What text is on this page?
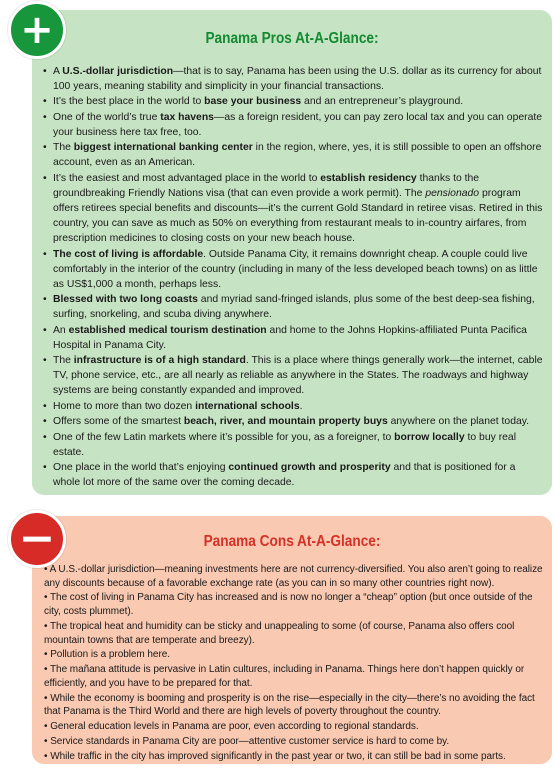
Panama Pros At-A-Glance:
• A U.S.-dollar jurisdiction—that is to say, Panama has been using the U.S. dollar as its currency for about 100 years, meaning stability and simplicity in your financial transactions.
• It’s the best place in the world to base your business and an entrepreneur’s playground.
• One of the world’s true tax havens—as a foreign resident, you can pay zero local tax and you can operate your business here tax free, too.
• The biggest international banking center in the region, where, yes, it is still possible to open an offshore account, even as an American.
• It’s the easiest and most advantaged place in the world to establish residency thanks to the groundbreaking Friendly Nations visa (that can even provide a work permit). The pensionado program offers retirees special benefits and discounts—it’s the current Gold Standard in retiree visas. Retired in this country, you can save as much as 50% on everything from restaurant meals to in-country airfares, from prescription medicines to closing costs on your new beach house.
• The cost of living is affordable. Outside Panama City, it remains downright cheap. A couple could live comfortably in the interior of the country (including in many of the less developed beach towns) on as little as US$1,000 a month, perhaps less.
• Blessed with two long coasts and myriad sand-fringed islands, plus some of the best deep-sea fishing, surfing, snorkeling, and scuba diving anywhere.
• An established medical tourism destination and home to the Johns Hopkins-affiliated Punta Pacifica Hospital in Panama City.
• The infrastructure is of a high standard. This is a place where things generally work—the internet, cable TV, phone service, etc., are all nearly as reliable as anywhere in the States. The roadways and highway systems are being constantly expanded and improved.
• Home to more than two dozen international schools.
• Offers some of the smartest beach, river, and mountain property buys anywhere on the planet today.
• One of the few Latin markets where it’s possible for you, as a foreigner, to borrow locally to buy real estate.
• One place in the world that’s enjoying continued growth and prosperity and that is positioned for a whole lot more of the same over the coming decade.
+
Panama Cons At-A-Glance:
• A U.S.-dollar jurisdiction—meaning investments here are not currency-diversified. You also aren’t going to realize any discounts because of a favorable exchange rate (as you can in so many other countries right now).
• The cost of living in Panama City has increased and is now no longer a “cheap” option (but once outside of the city, costs plummet).
• The tropical heat and humidity can be sticky and unappealing to some (of course, Panama also offers cool mountain towns that are temperate and breezy).
• Pollution is a problem here.
• The mañana attitude is pervasive in Latin cultures, including in Panama. Things here don’t happen quickly or efficiently, and you have to be prepared for that.
• While the economy is booming and prosperity is on the rise—especially in the city—there’s no avoiding the fact that Panama is the Third World and there are high levels of poverty throughout the country.
• General education levels in Panama are poor, even according to regional standards.
• Service standards in Panama City are poor—attentive customer service is hard to come by.
• While traffic in the city has improved significantly in the past year or two, it can still be bad in some parts.
−
